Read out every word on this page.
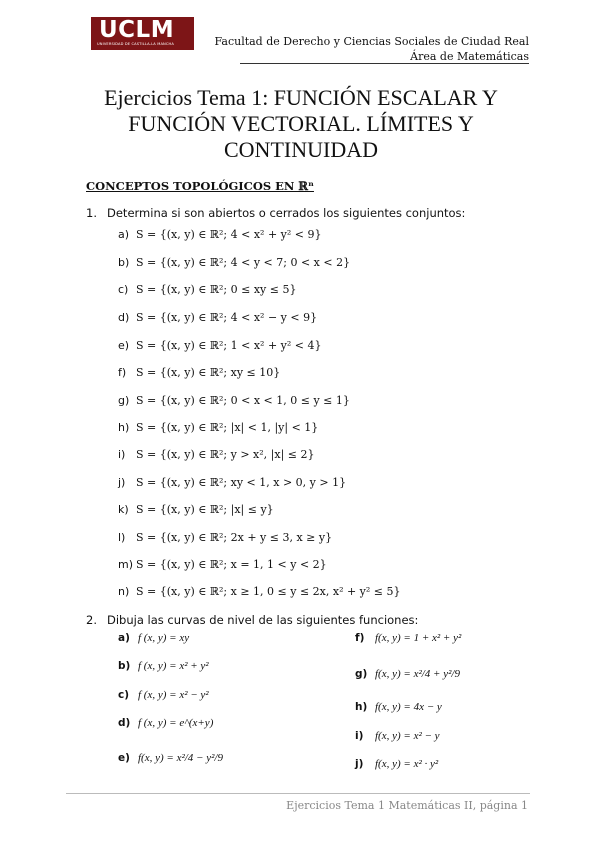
UCLM
UNIVERSIDAD DE CASTILLA-LA MANCHA	Facultad de Derecho y Ciencias Sociales de Ciudad Real
Área de Matemáticas
Ejercicios Tema 1: FUNCIÓN ESCALAR Y
FUNCIÓN VECTORIAL. LÍMITES Y
CONTINUIDAD
CONCEPTOS TOPOLÓGICOS EN ℝⁿ
1. Determina si son abiertos o cerrados los siguientes conjuntos:
a) S = {(x, y) ∈ ℝ²; 4 < x² + y² < 9}
b) S = {(x, y) ∈ ℝ²; 4 < y < 7; 0 < x < 2}
c) S = {(x, y) ∈ ℝ²; 0 ≤ xy ≤ 5}
d) S = {(x, y) ∈ ℝ²; 4 < x² − y < 9}
e) S = {(x, y) ∈ ℝ²; 1 < x² + y² < 4}
f) S = {(x, y) ∈ ℝ²; xy ≤ 10}
g) S = {(x, y) ∈ ℝ²; 0 < x < 1, 0 ≤ y ≤ 1}
h) S = {(x, y) ∈ ℝ²; |x| < 1, |y| < 1}
i) S = {(x, y) ∈ ℝ²; y > x², |x| ≤ 2}
j) S = {(x, y) ∈ ℝ²; xy < 1, x > 0, y > 1}
k) S = {(x, y) ∈ ℝ²; |x| ≤ y}
l) S = {(x, y) ∈ ℝ²; 2x + y ≤ 3, x ≥ y}
m) S = {(x, y) ∈ ℝ²; x = 1, 1 < y < 2}
n) S = {(x, y) ∈ ℝ²; x ≥ 1, 0 ≤ y ≤ 2x, x² + y² ≤ 5}
2. Dibuja las curvas de nivel de las siguientes funciones:
a) f (x, y) = xy
b) f (x, y) = x² + y²
c) f (x, y) = x² − y²
d) f (x, y) = e^(x+y)
e) f(x, y) = x²/4 − y²/9
f) f(x, y) = 1 + x² + y²
g) f(x, y) = x²/4 + y²/9
h) f(x, y) = 4x − y
i) f(x, y) = x² − y
j) f(x, y) = x² · y²
Ejercicios Tema 1 Matemáticas II, página 1
